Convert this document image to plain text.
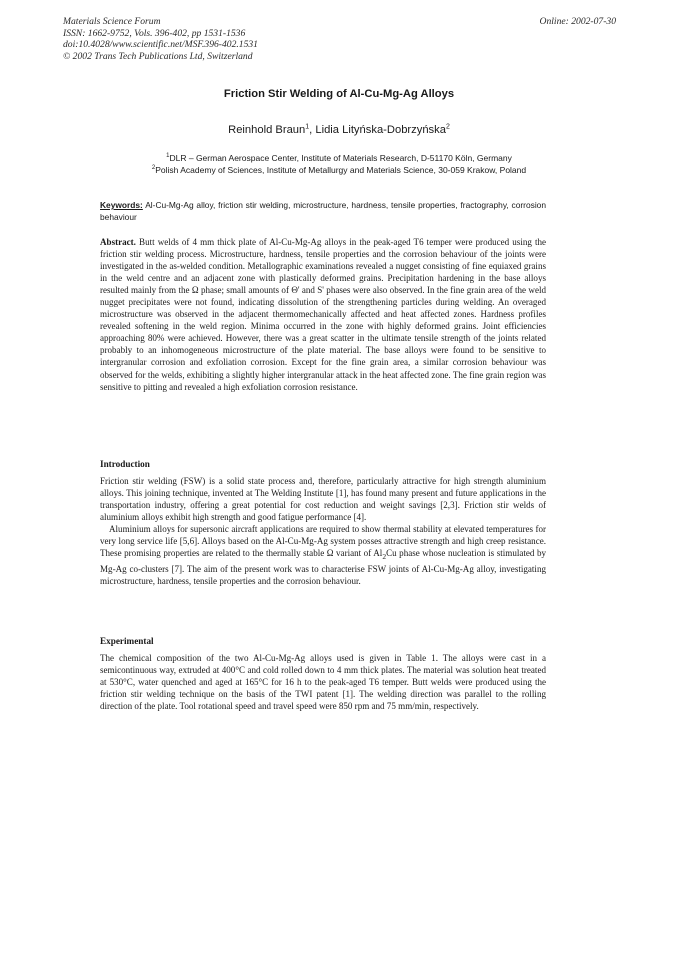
Materials Science Forum
ISSN: 1662-9752, Vols. 396-402, pp 1531-1536
doi:10.4028/www.scientific.net/MSF.396-402.1531
© 2002 Trans Tech Publications Ltd, Switzerland
Online: 2002-07-30
Friction Stir Welding of Al-Cu-Mg-Ag Alloys
Reinhold Braun$^1$, Lidia Lityńska-Dobrzyńska$^2$
$^1$DLR – German Aerospace Center, Institute of Materials Research, D-51170 Köln, Germany
$^2$Polish Academy of Sciences, Institute of Metallurgy and Materials Science, 30-059 Krakow, Poland
Keywords: Al-Cu-Mg-Ag alloy, friction stir welding, microstructure, hardness, tensile properties, fractography, corrosion behaviour

Abstract. Butt welds of 4 mm thick plate of Al-Cu-Mg-Ag alloys in the peak-aged T6 temper were produced using the friction stir welding process. Microstructure, hardness, tensile properties and the corrosion behaviour of the joints were investigated in the as-welded condition. Metallographic examinations revealed a nugget consisting of fine equiaxed grains in the weld centre and an adjacent zone with plastically deformed grains. Precipitation hardening in the base alloys resulted mainly from the Ω phase; small amounts of Θ' and S' phases were also observed. In the fine grain area of the weld nugget precipitates were not found, indicating dissolution of the strengthening particles during welding. An overaged microstructure was observed in the adjacent thermomechanically affected and heat affected zones. Hardness profiles revealed softening in the weld region. Minima occurred in the zone with highly deformed grains. Joint efficiencies approaching 80% were achieved. However, there was a great scatter in the ultimate tensile strength of the joints related probably to an inhomogeneous microstructure of the plate material. The base alloys were found to be sensitive to intergranular corrosion and exfoliation corrosion. Except for the fine grain area, a similar corrosion behaviour was observed for the welds, exhibiting a slightly higher intergranular attack in the heat affected zone. The fine grain region was sensitive to pitting and revealed a high exfoliation corrosion resistance.

Introduction

Friction stir welding (FSW) is a solid state process and, therefore, particularly attractive for high strength aluminium alloys. This joining technique, invented at The Welding Institute [1], has found many present and future applications in the transportation industry, offering a great potential for cost reduction and weight savings [2,3]. Friction stir welds of aluminium alloys exhibit high strength and good fatigue performance [4].

Aluminium alloys for supersonic aircraft applications are required to show thermal stability at elevated temperatures for very long service life [5,6]. Alloys based on the Al-Cu-Mg-Ag system posses attractive strength and high creep resistance. These promising properties are related to the thermally stable Ω variant of $Al_2Cu$ phase whose nucleation is stimulated by Mg-Ag co-clusters [7]. The aim of the present work was to characterise FSW joints of Al-Cu-Mg-Ag alloy, investigating microstructure, hardness, tensile properties and the corrosion behaviour.

Experimental

The chemical composition of the two Al-Cu-Mg-Ag alloys used is given in Table 1. The alloys were cast in a semicontinuous way, extruded at 400°C and cold rolled down to 4 mm thick plates. The material was solution heat treated at 530°C, water quenched and aged at 165°C for 16 h to the peak-aged T6 temper. Butt welds were produced using the friction stir welding technique on the basis of the TWI patent [1]. The welding direction was parallel to the rolling direction of the plate. Tool rotational speed and travel speed were 850 rpm and 75 mm/min, respectively.
